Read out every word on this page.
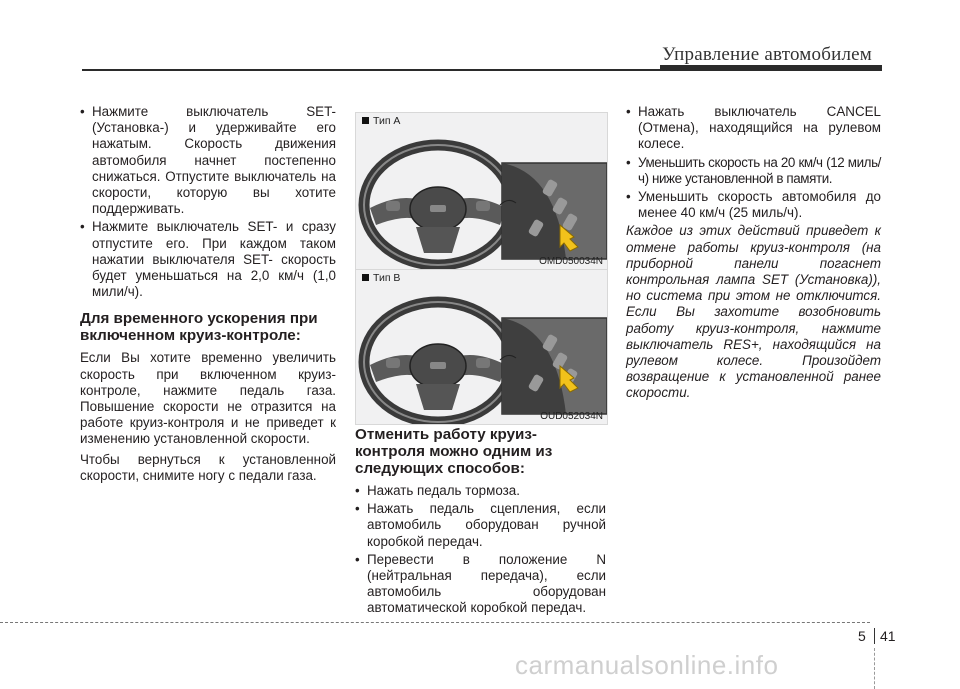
Управление автомобилем
• Нажмите выключатель SET- (Установка-) и удерживайте его нажатым. Скорость движения автомобиля начнет постепенно снижаться. Отпустите выключатель на скорости, которую вы хотите поддерживать.
• Нажмите выключатель SET- и сразу отпустите его. При каждом таком нажатии выключателя SET- скорость будет уменьшаться на 2,0 км/ч (1,0 мили/ч).
Для временного ускорения при включенном круиз-контроле:

Если Вы хотите временно увеличить скорость при включенном круиз-контроле, нажмите педаль газа. Повышение скорости не отразится на работе круиз-контроля и не приведет к изменению установленной скорости.

Чтобы вернуться к установленной скорости, снимите ногу с педали газа.

Тип А
OMD050034N
Тип В
OUD052034N
Отменить работу круиз-контроля можно одним из следующих способов:
• Нажать педаль тормоза.
• Нажать педаль сцепления, если автомобиль оборудован ручной коробкой передач.
• Перевести в положение N (нейтральная передача), если автомобиль оборудован автоматической коробкой передач.
• Нажать выключатель CANCEL (Отмена), находящийся на рулевом колесе.
• Уменьшить скорость на 20 км/ч (12 миль/ч) ниже установленной в памяти.
• Уменьшить скорость автомобиля до менее 40 км/ч (25 миль/ч).

Каждое из этих действий приведет к отмене работы круиз-контроля (на приборной панели погаснет контрольная лампа SET (Установка)), но система при этом не отключится. Если Вы захотите возобновить работу круиз-контроля, нажмите выключатель RES+, находящийся на рулевом колесе. Произойдет возвращение к установленной ранее скорости.

5 41
carmanualsonline.info
